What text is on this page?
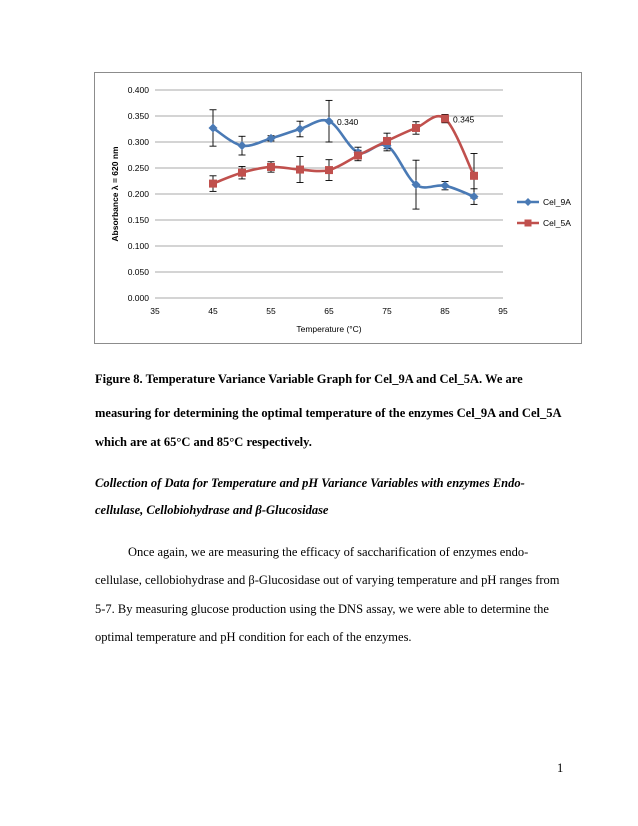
0.000
0.050
0.100
0.150
0.200
0.250
0.300
0.350
0.400
35	45	55	65	75	85	95
Temperature (°C)
Absorbance λ = 620 nm
0.340	0.345
Cel_9A
Cel_5A
Figure 8. Temperature Variance Variable Graph for Cel_9A and Cel_5A. We are
measuring for determining the optimal temperature of the enzymes Cel_9A and Cel_5A
which are at 65°C and 85°C respectively.
Collection of Data for Temperature and pH Variance Variables with enzymes Endo-
cellulase, Cellobiohydrase and β-Glucosidase
Once again, we are measuring the efficacy of saccharification of enzymes endo-
cellulase, cellobiohydrase and β-Glucosidase out of varying temperature and pH ranges from
5-7. By measuring glucose production using the DNS assay, we were able to determine the
optimal temperature and pH condition for each of the enzymes.
1
